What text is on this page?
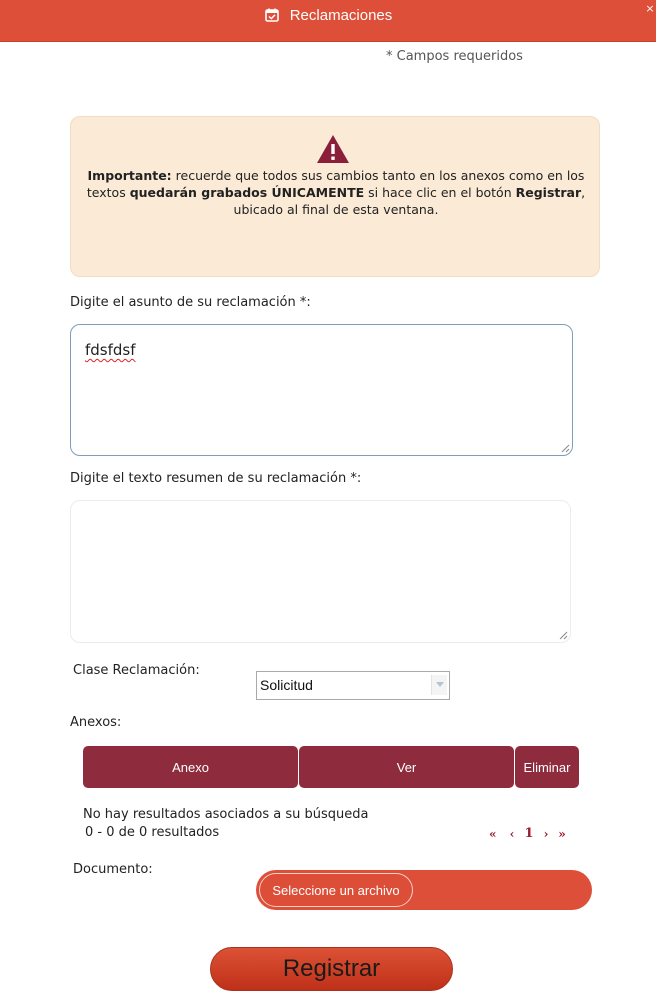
Reclamaciones	×
* Campos requeridos
Importante: recuerde que todos sus cambios tanto en los anexos como en los textos quedarán grabados ÚNICAMENTE si hace clic en el botón Registrar, ubicado al final de esta ventana.
Digite el asunto de su reclamación *:
fdsfdsf
Digite el texto resumen de su reclamación *:
Clase Reclamación:
Solicitud
Anexos:
Anexo	Ver	Eliminar
No hay resultados asociados a su búsqueda
0 - 0 de 0 resultados	«	‹ 1 › »
Documento:
Seleccione un archivo
Registrar
